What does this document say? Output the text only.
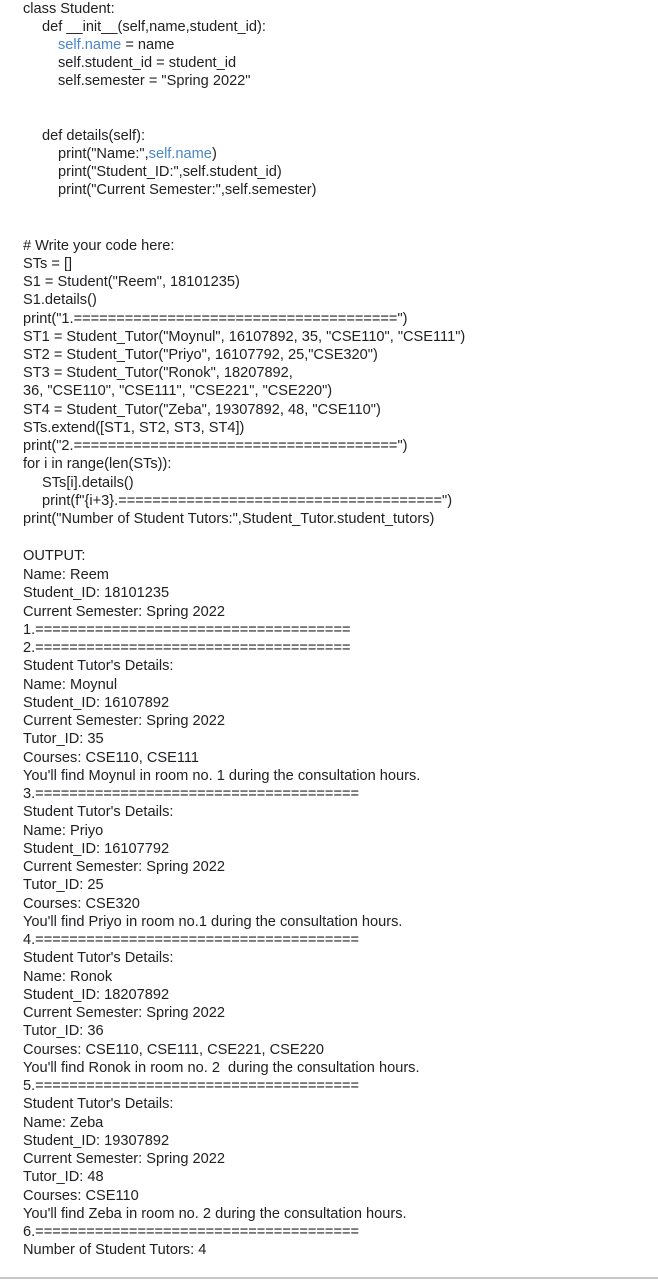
class Student:
def __init__(self,name,student_id):
self.name = name
self.student_id = student_id
self.semester = "Spring 2022"
def details(self):
print("Name:",self.name)
print("Student_ID:",self.student_id)
print("Current Semester:",self.semester)
# Write your code here:
STs = []
S1 = Student("Reem", 18101235)
S1.details()
print("1.======================================")
ST1 = Student_Tutor("Moynul", 16107892, 35, "CSE110", "CSE111")
ST2 = Student_Tutor("Priyo", 16107792, 25,"CSE320")
ST3 = Student_Tutor("Ronok", 18207892,
36, "CSE110", "CSE111", "CSE221", "CSE220")
ST4 = Student_Tutor("Zeba", 19307892, 48, "CSE110")
STs.extend([ST1, ST2, ST3, ST4])
print("2.======================================")
for i in range(len(STs)):
STs[i].details()
print(f"{i+3}.======================================")
print("Number of Student Tutors:",Student_Tutor.student_tutors)
OUTPUT:
Name: Reem
Student_ID: 18101235
Current Semester: Spring 2022
1.=====================================
2.=====================================
Student Tutor's Details:
Name: Moynul
Student_ID: 16107892
Current Semester: Spring 2022
Tutor_ID: 35
Courses: CSE110, CSE111
You'll find Moynul in room no. 1 during the consultation hours.
3.======================================
Student Tutor's Details:
Name: Priyo
Student_ID: 16107792
Current Semester: Spring 2022
Tutor_ID: 25
Courses: CSE320
You'll find Priyo in room no.1 during the consultation hours.
4.======================================
Student Tutor's Details:
Name: Ronok
Student_ID: 18207892
Current Semester: Spring 2022
Tutor_ID: 36
Courses: CSE110, CSE111, CSE221, CSE220
You'll find Ronok in room no. 2  during the consultation hours.
5.======================================
Student Tutor's Details:
Name: Zeba
Student_ID: 19307892
Current Semester: Spring 2022
Tutor_ID: 48
Courses: CSE110
You'll find Zeba in room no. 2 during the consultation hours.
6.======================================
Number of Student Tutors: 4
